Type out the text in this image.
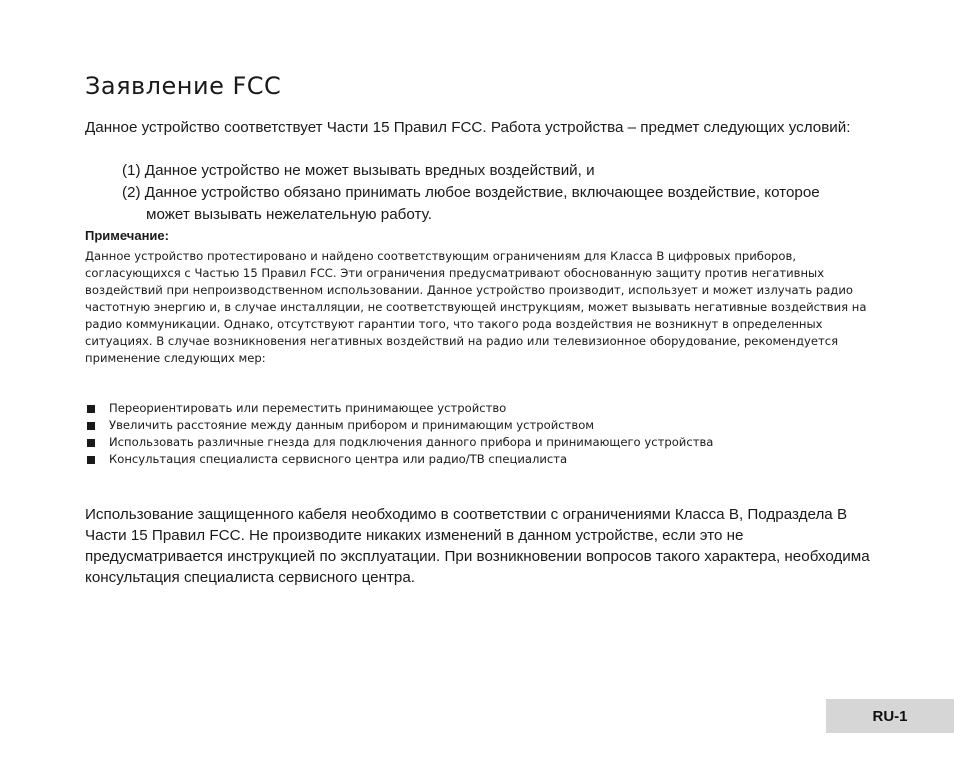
Заявление FCC

Данное устройство соответствует Части 15 Правил FCC. Работа устройства – предмет следующих условий:

(1) Данное устройство не может вызывать вредных воздействий, и
(2) Данное устройство обязано принимать любое воздействие, включающее воздействие, которое может вызывать нежелательную работу.
Примечание:

Данное устройство протестировано и найдено соответствующим ограничениям для Класса B цифровых приборов, согласующихся с Частью 15 Правил FCC. Эти ограничения предусматривают обоснованную защиту против негативных воздействий при непроизводственном использовании. Данное устройство производит, использует и может излучать радио частотную энергию и, в случае инсталляции, не соответствующей инструкциям, может вызывать негативные воздействия на радио коммуникации. Однако, отсутствуют гарантии того, что такого рода воздействия не возникнут в определенных ситуациях. В случае возникновения негативных воздействий на радио или телевизионное оборудование, рекомендуется применение следующих мер:

Переориентировать или переместить принимающее устройство
Увеличить расстояние между данным прибором и принимающим устройством
Использовать различные гнезда для подключения данного прибора и принимающего устройства
Консультация специалиста сервисного центра или радио/ТВ специалиста

Использование защищенного кабеля необходимо в соответствии с ограничениями Класса B, Подраздела B Части 15 Правил FCC. Не производите никаких изменений в данном устройстве, если это не предусматривается инструкцией по эксплуатации. При возникновении вопросов такого характера, необходима консультация специалиста сервисного центра.

RU-1
